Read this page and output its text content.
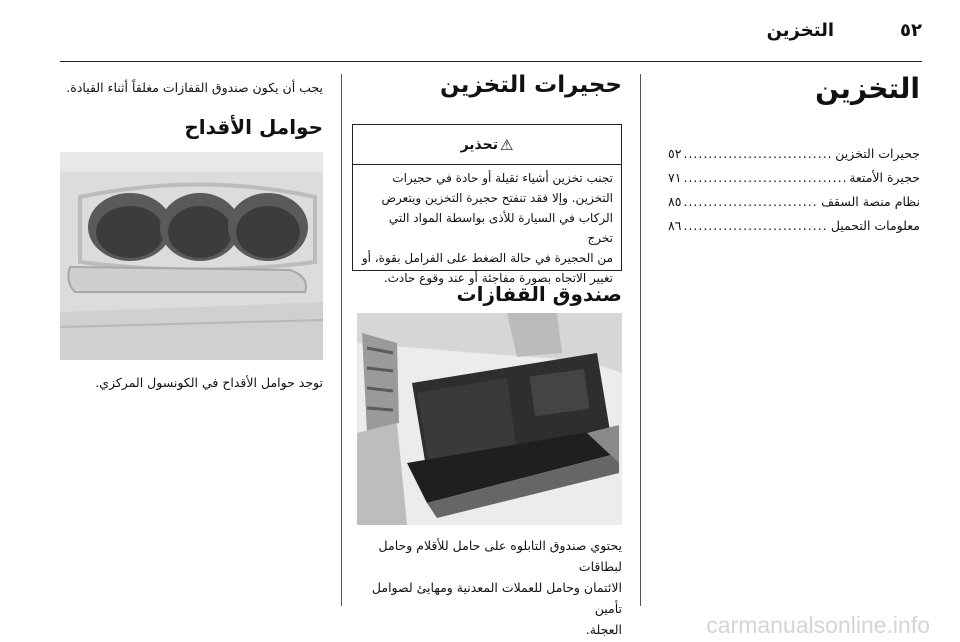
التخزين	٥٢
التخزين
جحيرات التخزين
.....
٥٢
حجيرة الأمتعة
.....
٧١
نظام منصة السقف
.....
٨٥
معلومات التحميل
.....
٨٦
حجيرات التخزين
⚠
تحذير
تجنب تخزين أشياء ثقيلة أو حادة في حجيرات
التخزين. وإلا فقد تنفتح حجيرة التخزين ويتعرض
الركاب في السيارة للأذى بواسطة المواد التي تخرج
من الحجيرة في حالة الضغط على الفرامل بقوة، أو
تغيير الاتجاه بصورة مفاجئة أو عند وقوع حادث.
صندوق القفازات
يحتوي صندوق التابلوه على حامل للأقلام وحامل لبطاقات
الائتمان وحامل للعملات المعدنية ومهايئ لصوامل تأمين
العجلة.
يجب أن يكون صندوق القفازات مغلقاً أثناء القيادة.
حوامل الأقداح
توجد حوامل الأقداح في الكونسول المركزي.
carmanualsonline.info
